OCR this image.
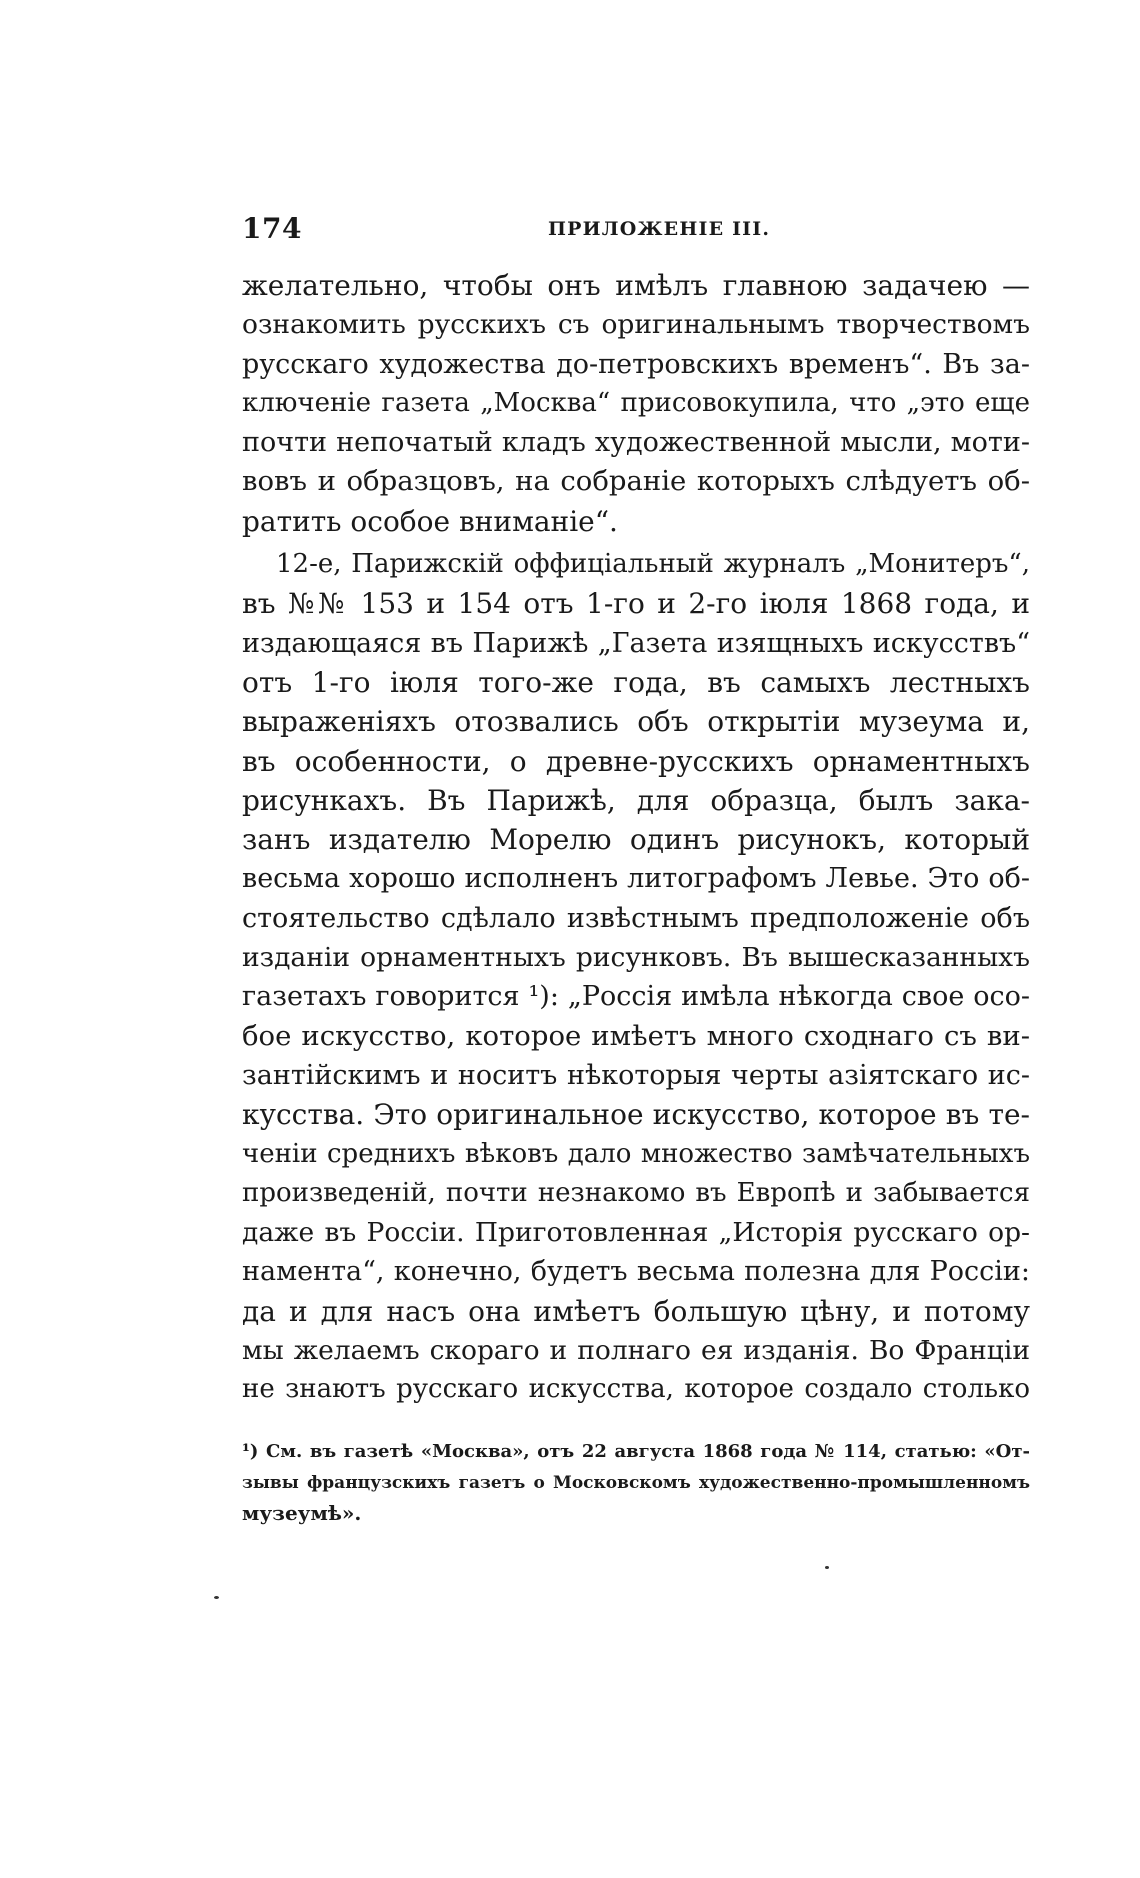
174	ПРИЛОЖЕНІЕ III.
желательно, чтобы онъ имѣлъ главною задачею —
ознакомить русскихъ съ оригинальнымъ творчествомъ
русскаго художества до-петровскихъ временъ“. Въ за-
ключеніе газета „Москва“ присовокупила, что „это еще
почти непочатый кладъ художественной мысли, моти-
вовъ и образцовъ, на собраніе которыхъ слѣдуетъ об-
ратить особое вниманіе“.
12-е, Парижскій оффиціальный журналъ „Монитеръ“,
въ №№ 153 и 154 отъ 1-го и 2-го іюля 1868 года, и
издающаяся въ Парижѣ „Газета изящныхъ искусствъ“
отъ 1-го іюля того-же года, въ самыхъ лестныхъ
выраженіяхъ отозвались объ открытіи музеума и,
въ особенности, о древне-русскихъ орнаментныхъ
рисункахъ. Въ Парижѣ, для образца, былъ зака-
занъ издателю Морелю одинъ рисунокъ, который
весьма хорошо исполненъ литографомъ Левье. Это об-
стоятельство сдѣлало извѣстнымъ предположеніе объ
изданіи орнаментныхъ рисунковъ. Въ вышесказанныхъ
газетахъ говорится ¹): „Россія имѣла нѣкогда свое осо-
бое искусство, которое имѣетъ много сходнаго съ ви-
зантійскимъ и носитъ нѣкоторыя черты азіятскаго ис-
кусства. Это оригинальное искусство, которое въ те-
ченіи среднихъ вѣковъ дало множество замѣчательныхъ
произведеній, почти незнакомо въ Европѣ и забывается
даже въ Россіи. Приготовленная „Исторія русскаго ор-
намента“, конечно, будетъ весьма полезна для Россіи:
да и для насъ она имѣетъ большую цѣну, и потому
мы желаемъ скораго и полнаго ея изданія. Во Франціи
не знаютъ русскаго искусства, которое создало столько
¹) См. въ газетѣ «Москва», отъ 22 августа 1868 года № 114, статью: «От-
зывы французскихъ газетъ о Московскомъ художественно-промышленномъ
музеумѣ».
